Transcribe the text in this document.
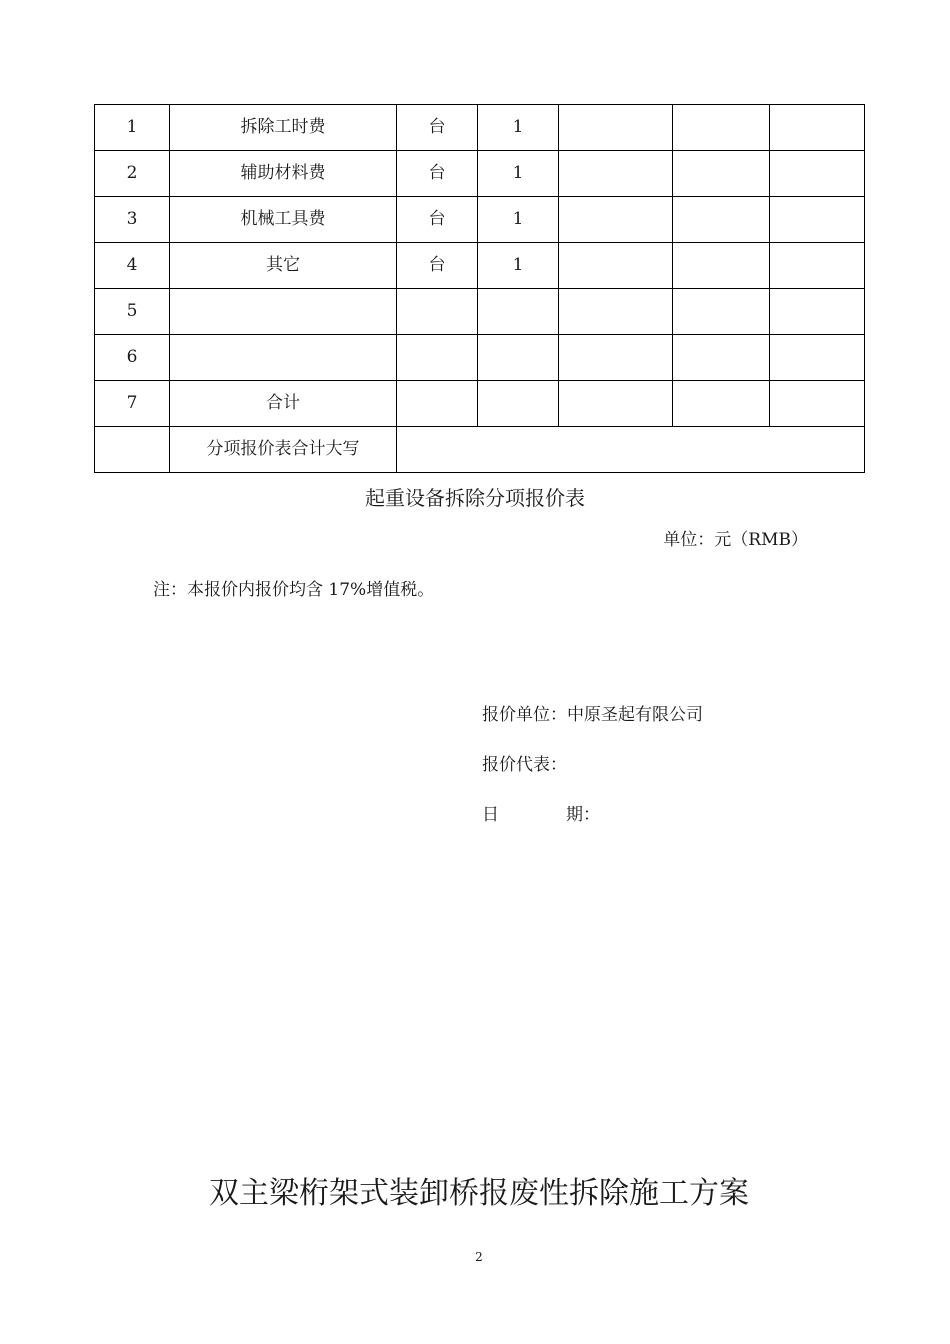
1	拆除工时费	台	1			
2	辅助材料费	台	1			
3	机械工具费	台	1			
4	其它	台	1			
5						
6						
7	合计					
	分项报价表合计大写					
起重设备拆除分项报价表
单位：元（RMB）
注：本报价内报价均含 17%增值税。
报价单位：中原圣起有限公司
报价代表：
日	期：
双主梁桁架式装卸桥报废性拆除施工方案
2
